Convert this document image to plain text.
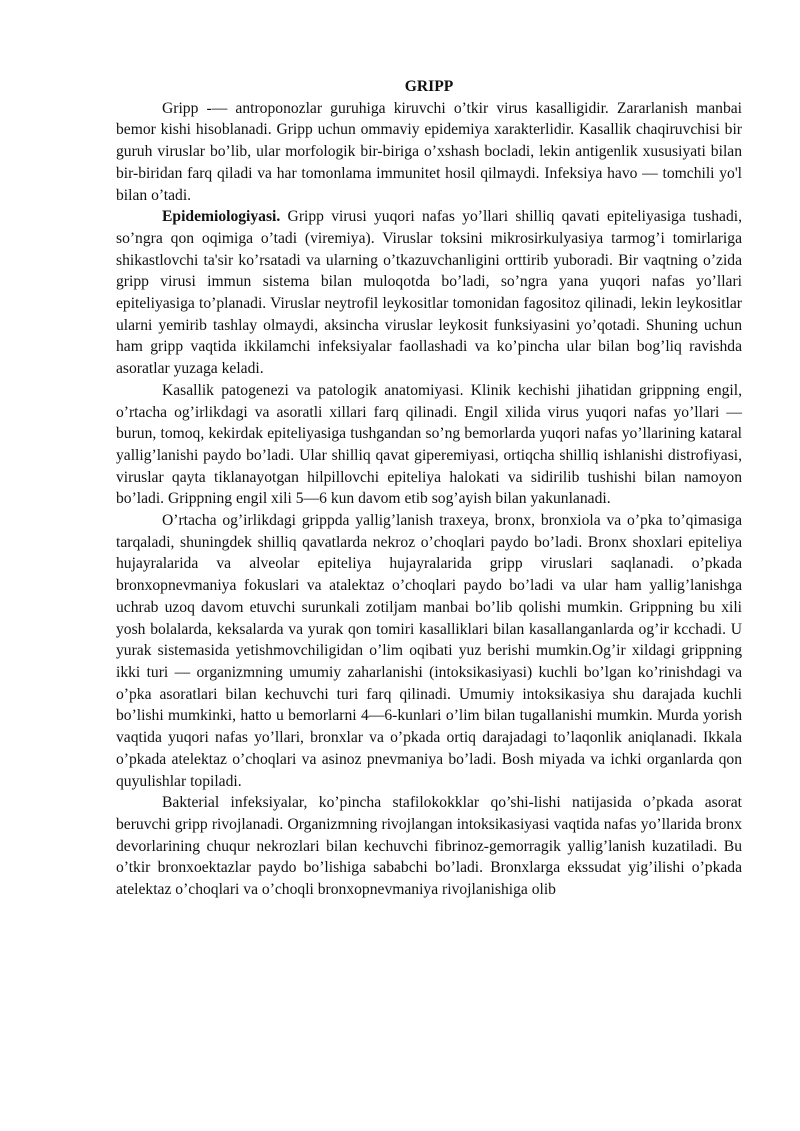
GRIPP

Gripp -— antroponozlar guruhiga kiruvchi o’tkir virus kasalligidir. Zararlanish manbai bemor kishi hisoblanadi. Gripp uchun ommaviy epidemiya xarakterlidir. Kasallik chaqiruvchisi bir guruh viruslar bo’lib, ular morfologik bir-biriga o’xshash bocladi, lekin antigenlik xususiyati bilan bir-biridan farq qiladi va har tomonlama immunitet hosil qilmaydi. Infeksiya havo — tomchili yo'l bilan o’tadi.

Epidemiologiyasi. Gripp virusi yuqori nafas yo’llari shilliq qavati epiteliyasiga tushadi, so’ngra qon oqimiga o’tadi (viremiya). Viruslar toksini mikrosirkulyasiya tarmog’i tomirlariga shikastlovchi ta'sir ko’rsatadi va ularning o’tkazuvchanligini orttirib yuboradi. Bir vaqtning o’zida gripp virusi immun sistema bilan muloqotda bo’ladi, so’ngra yana yuqori nafas yo’llari epiteliyasiga to’planadi. Viruslar neytrofil leykositlar tomonidan fagositoz qilinadi, lekin leykositlar ularni yemirib tashlay olmaydi, aksincha viruslar leykosit funksiyasini yo’qotadi. Shuning uchun ham gripp vaqtida ikkilamchi infeksiyalar faollashadi va ko’pincha ular bilan bog’liq ravishda asoratlar yuzaga keladi.

Kasallik patogenezi va patologik anatomiyasi. Klinik kechishi jihatidan grippning engil, o’rtacha og’irlikdagi va asoratli xillari farq qilinadi. Engil xilida virus yuqori nafas yo’llari — burun, tomoq, kekirdak epiteliyasiga tushgandan so’ng bemorlarda yuqori nafas yo’llarining kataral yallig’lanishi paydo bo’ladi. Ular shilliq qavat giperemiyasi, ortiqcha shilliq ishlanishi distrofiyasi, viruslar qayta tiklanayotgan hilpillovchi epiteliya halokati va sidirilib tushishi bilan namoyon bo’ladi. Grippning engil xili 5—6 kun davom etib sog’ayish bilan yakunlanadi.

O’rtacha og’irlikdagi grippda yallig’lanish traxeya, bronx, bronxiola va o’pka to’qimasiga tarqaladi, shuningdek shilliq qavatlarda nekroz o’choqlari paydo bo’ladi. Bronx shoxlari epiteliya hujayralarida va alveolar epiteliya hujayralarida gripp viruslari saqlanadi. o’pkada bronxopnevmaniya fokuslari va atalektaz o’choqlari paydo bo’ladi va ular ham yallig’lanishga uchrab uzoq davom etuvchi surunkali zotiljam manbai bo’lib qolishi mumkin. Grippning bu xili yosh bolalarda, keksalarda va yurak qon tomiri kasalliklari bilan kasallanganlarda og’ir kcchadi. U yurak sistemasida yetishmovchiligidan o’lim oqibati yuz berishi mumkin.Og’ir xildagi grippning ikki turi — organizmning umumiy zaharlanishi (intoksikasiyasi) kuchli bo’lgan ko’rinishdagi va o’pka asoratlari bilan kechuvchi turi farq qilinadi. Umumiy intoksikasiya shu darajada kuchli bo’lishi mumkinki, hatto u bemorlarni 4—6-kunlari o’lim bilan tugallanishi mumkin. Murda yorish vaqtida yuqori nafas yo’llari, bronxlar va o’pkada ortiq darajadagi to’laqonlik aniqlanadi. Ikkala o’pkada atelektaz o’choqlari va asinoz pnevmaniya bo’ladi. Bosh miyada va ichki organlarda qon quyulishlar topiladi.

Bakterial infeksiyalar, ko’pincha stafilokokklar qo’shi-lishi natijasida o’pkada asorat beruvchi gripp rivojlanadi. Organizmning rivojlangan intoksikasiyasi vaqtida nafas yo’llarida bronx devorlarining chuqur nekrozlari bilan kechuvchi fibrinoz-gemorragik yallig’lanish kuzatiladi. Bu o’tkir bronxoektazlar paydo bo’lishiga sababchi bo’ladi. Bronxlarga ekssudat yig’ilishi o’pkada atelektaz o’choqlari va o’choqli bronxopnevmaniya rivojlanishiga olib
